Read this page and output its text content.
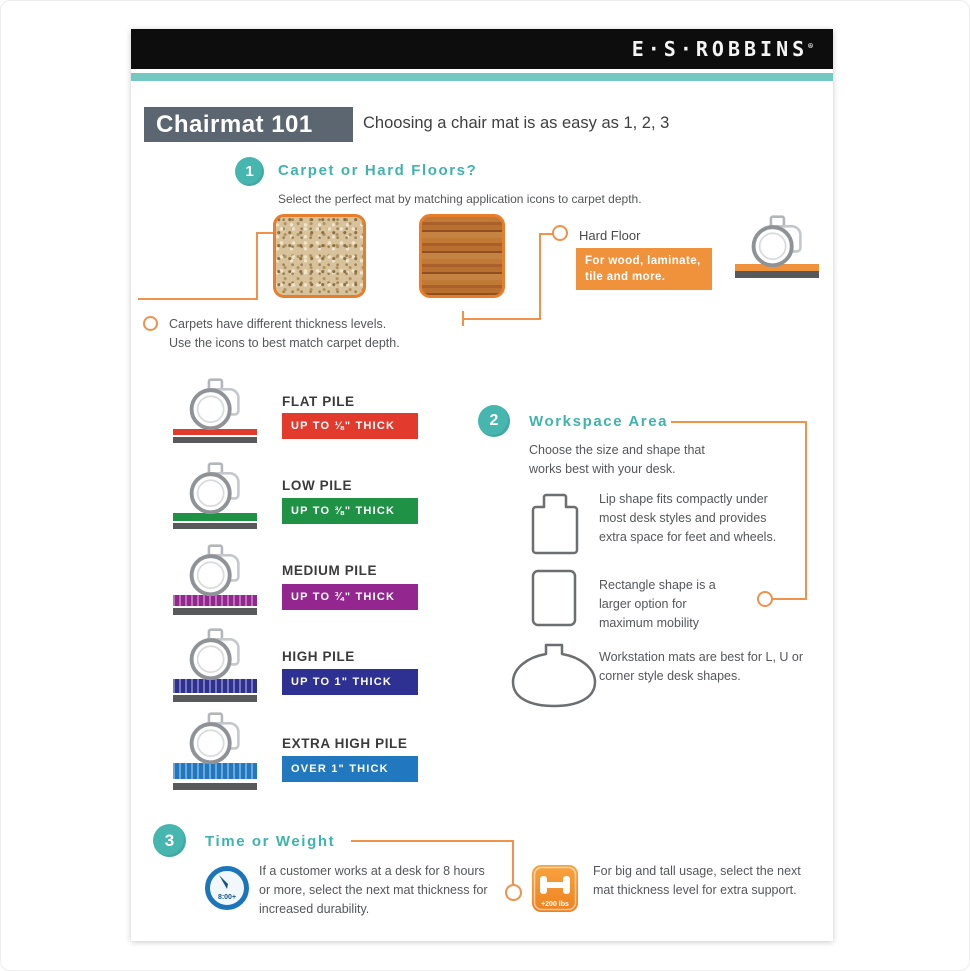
E·S·ROBBINS®
Chairmat 101	Choosing a chair mat is as easy as 1, 2, 3
1	Carpet or Hard Floors?
Select the perfect mat by matching application icons to carpet depth.
Hard Floor
For wood, laminate, tile and more.
Carpets have different thickness levels.
Use the icons to best match carpet depth.
FLAT PILE
UP TO ⅛" THICK
LOW PILE
UP TO ⅜" THICK
MEDIUM PILE
UP TO ¾" THICK
HIGH PILE
UP TO 1" THICK
EXTRA HIGH PILE
OVER 1" THICK
2	Workspace Area
Choose the size and shape that
works best with your desk.
Lip shape fits compactly under most desk styles and provides extra space for feet and wheels.
Rectangle shape is a larger option for maximum mobility
Workstation mats are best for L, U or corner style desk shapes.
3	Time or Weight
8:00+
If a customer works at a desk for 8 hours or more, select the next mat thickness for increased durability.	+200 lbs
For big and tall usage, select the next mat thickness level for extra support.
